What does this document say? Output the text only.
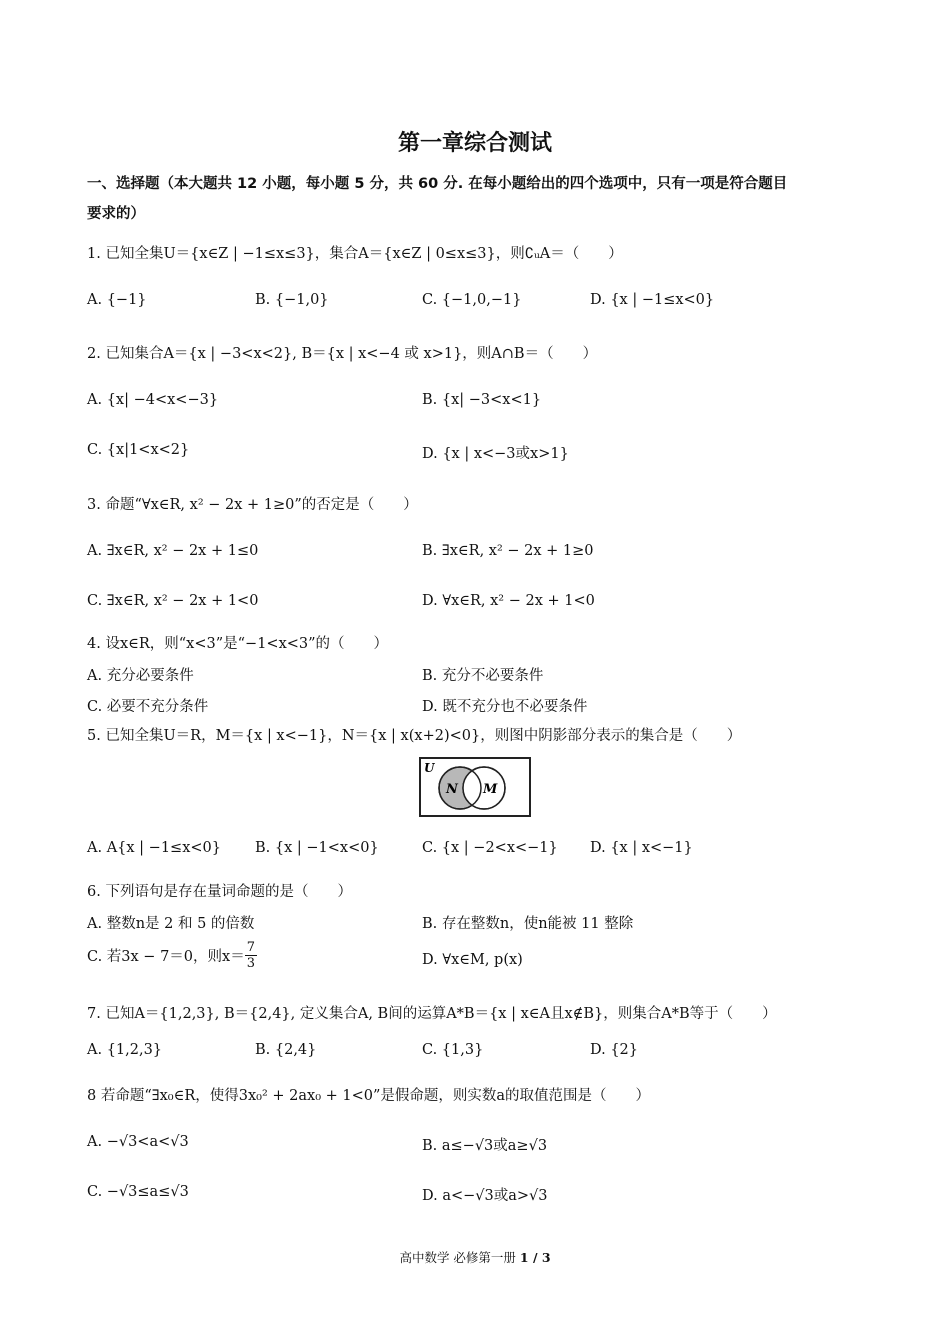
第一章综合测试
一、选择题（本大题共 12 小题，每小题 5 分，共 60 分. 在每小题给出的四个选项中，只有一项是符合题目
要求的）
1. 已知全集U＝{x∈Z | −1≤x≤3}，集合A＝{x∈Z | 0≤x≤3}，则∁ᵤA＝（　　）
A. {−1}	B. {−1,0}	C. {−1,0,−1}	D. {x | −1≤x<0}
2. 已知集合A＝{x | −3<x<2}, B＝{x | x<−4 或 x>1}，则A∩B＝（　　）
A. {x| −4<x<−3}	B. {x| −3<x<1}
C. {x|1<x<2}	D. {x | x<−3或x>1}
3. 命题“∀x∈R, x² − 2x + 1≥0”的否定是（　　）
A. ∃x∈R, x² − 2x + 1≤0	B. ∃x∈R, x² − 2x + 1≥0
C. ∃x∈R, x² − 2x + 1<0	D. ∀x∈R, x² − 2x + 1<0
4. 设x∈R，则“x<3”是“−1<x<3”的（　　）
A. 充分必要条件	B. 充分不必要条件
C. 必要不充分条件	D. 既不充分也不必要条件
5. 已知全集U＝R，M＝{x | x<−1}，N＝{x | x(x+2)<0}，则图中阴影部分表示的集合是（　　）
U
N M
A. A{x | −1≤x<0} B. {x | −1<x<0}	C. {x | −2<x<−1} D. {x | x<−1}
6. 下列语句是存在量词命题的是（　　）
A. 整数n是 2 和 5 的倍数	B. 存在整数n，使n能被 11 整除
C. 若3x − 7＝0，则$x= \frac{7}{3}$	D. ∀x∈M, p(x)
7. 已知A＝{1,2,3}, B＝{2,4}, 定义集合A, B间的运算A*B＝{x | x∈A且x∉B}，则集合A*B等于（　　）
A. {1,2,3}	B. {2,4}	C. {1,3}	D. {2}
8 若命题“∃x₀∈R，使得3x₀² + 2ax₀ + 1<0”是假命题，则实数a的取值范围是（　　）
A. −√3<a<√3	B. a≤−√3或a≥√3
C. −√3≤a≤√3	D. a<−√3或a>√3
高中数学 必修第一册 1 / 3
